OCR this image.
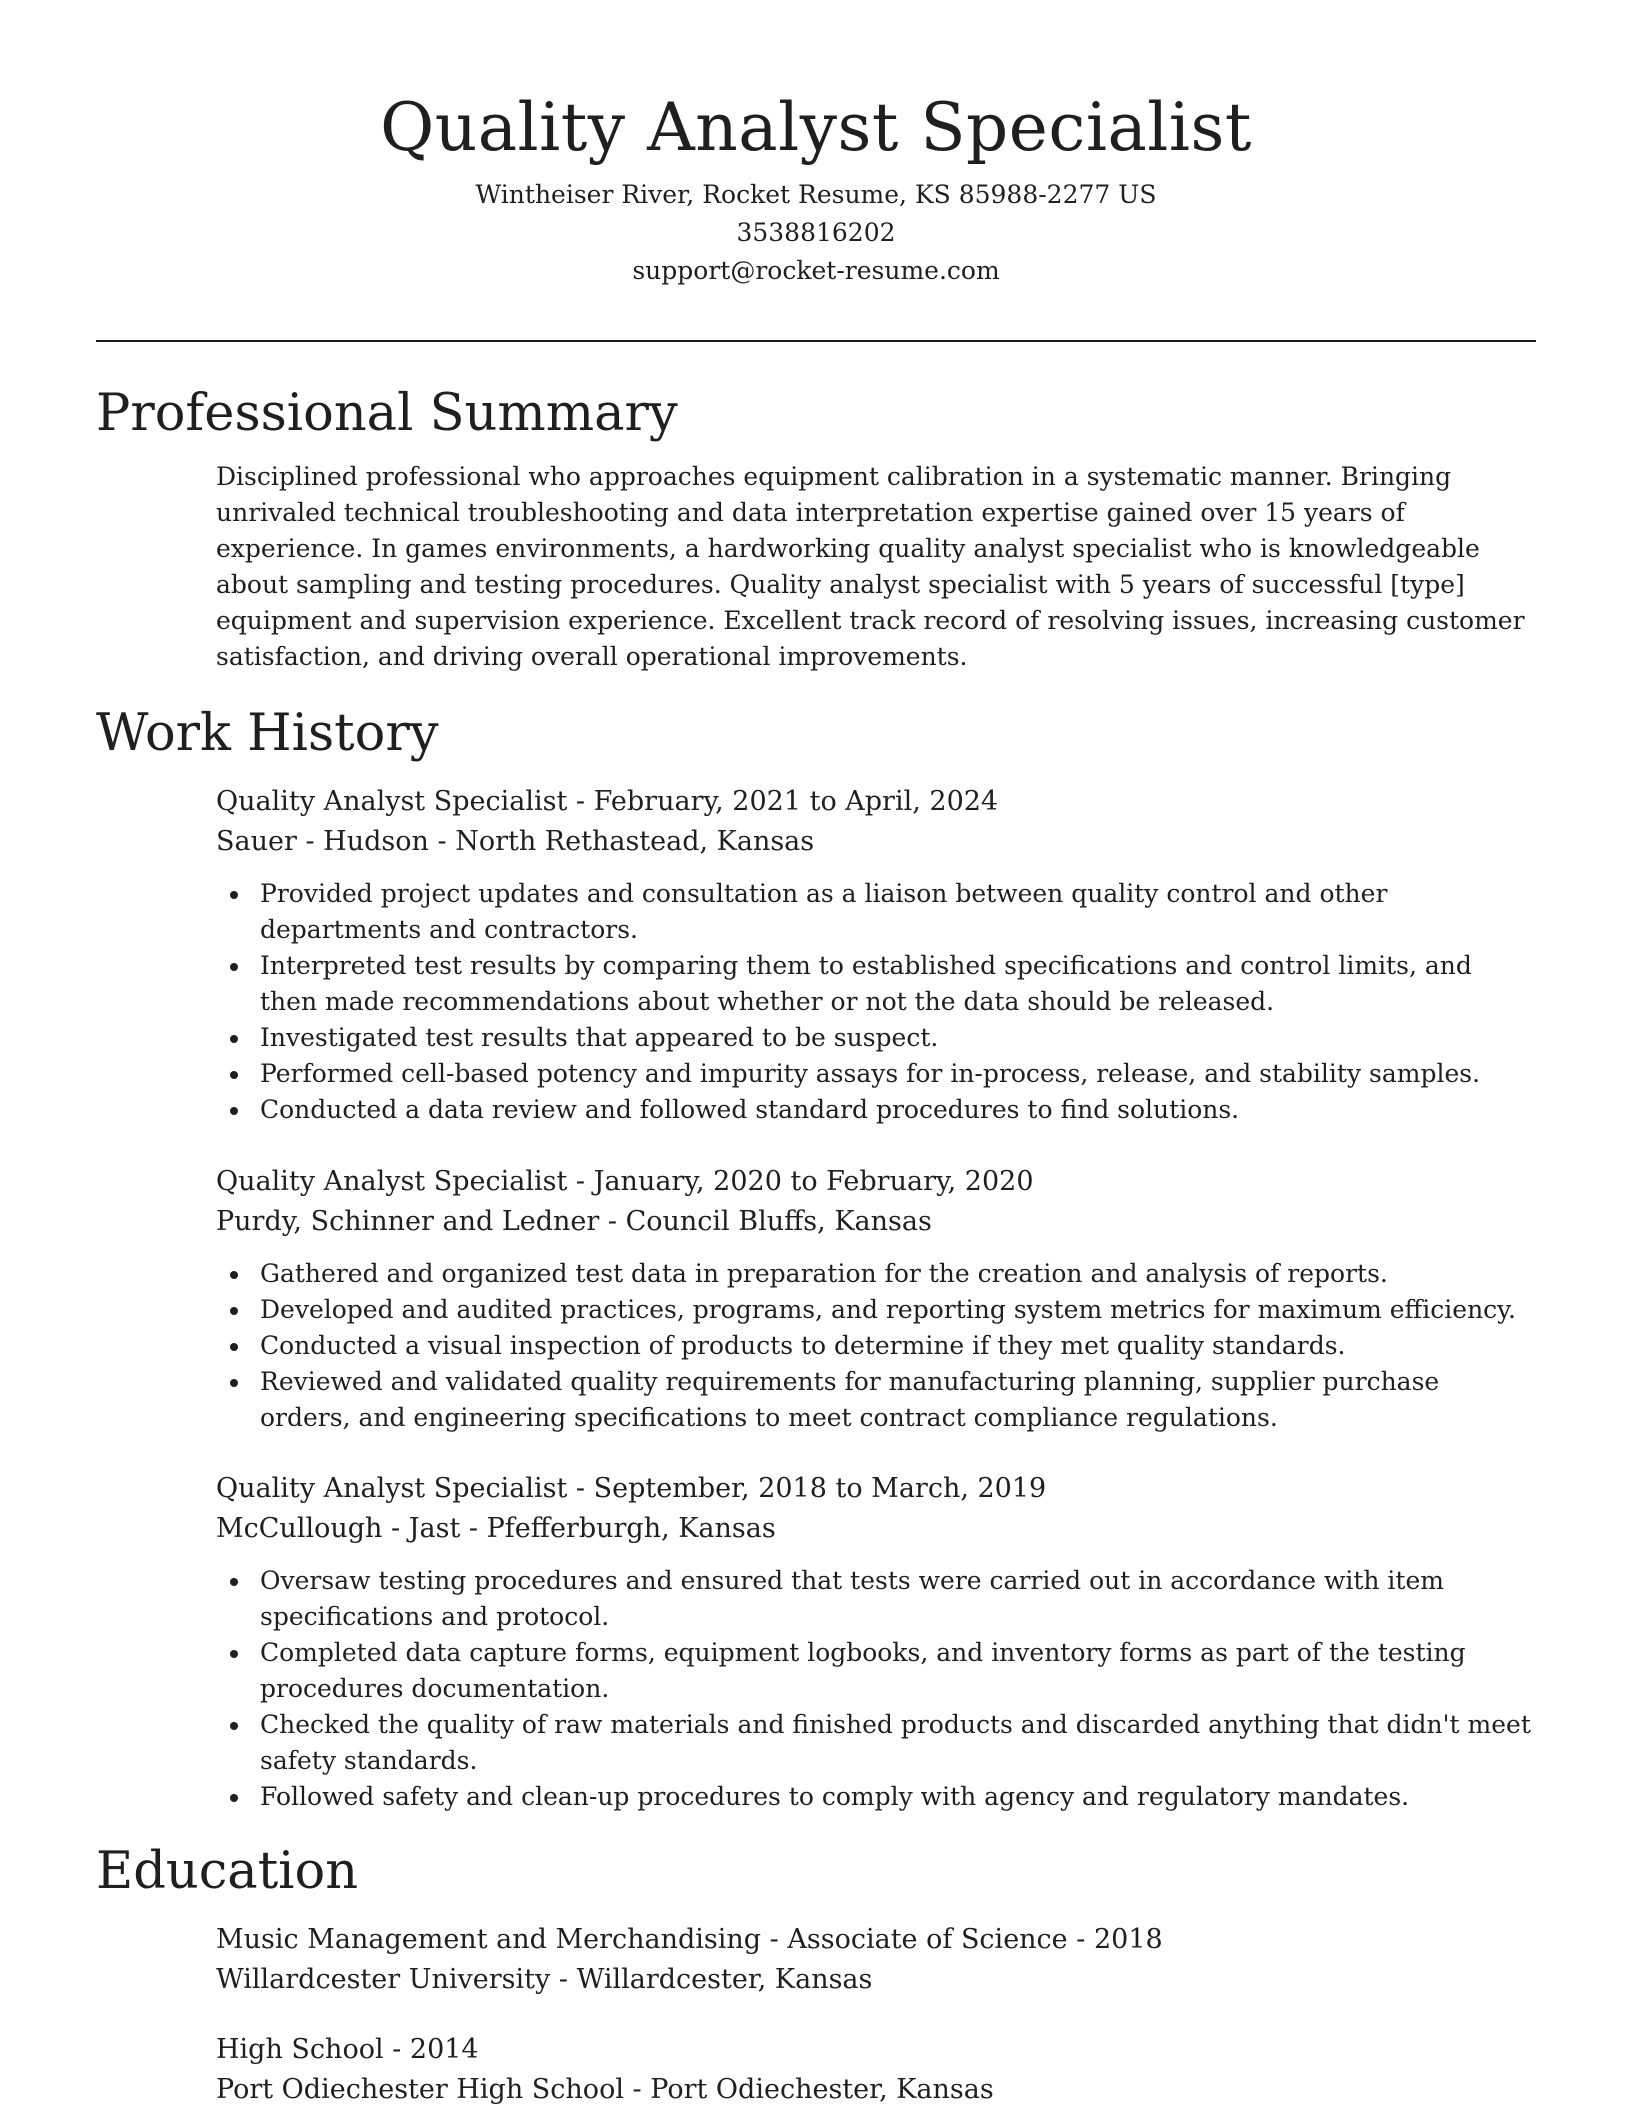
Quality Analyst Specialist
Wintheiser River, Rocket Resume, KS 85988-2277 US
3538816202
support@rocket-resume.com
Professional Summary
Disciplined professional who approaches equipment calibration in a systematic manner. Bringing unrivaled technical troubleshooting and data interpretation expertise gained over 15 years of experience. In games environments, a hardworking quality analyst specialist who is knowledgeable about sampling and testing procedures. Quality analyst specialist with 5 years of successful [type] equipment and supervision experience. Excellent track record of resolving issues, increasing customer satisfaction, and driving overall operational improvements.
Work History
Quality Analyst Specialist - February, 2021 to April, 2024
Sauer - Hudson - North Rethastead, Kansas
Provided project updates and consultation as a liaison between quality control and other departments and contractors.
Interpreted test results by comparing them to established specifications and control limits, and then made recommendations about whether or not the data should be released.
Investigated test results that appeared to be suspect.
Performed cell-based potency and impurity assays for in-process, release, and stability samples.
Conducted a data review and followed standard procedures to find solutions.
Quality Analyst Specialist - January, 2020 to February, 2020
Purdy, Schinner and Ledner - Council Bluffs, Kansas
Gathered and organized test data in preparation for the creation and analysis of reports.
Developed and audited practices, programs, and reporting system metrics for maximum efficiency.
Conducted a visual inspection of products to determine if they met quality standards.
Reviewed and validated quality requirements for manufacturing planning, supplier purchase orders, and engineering specifications to meet contract compliance regulations.
Quality Analyst Specialist - September, 2018 to March, 2019
McCullough - Jast - Pfefferburgh, Kansas
Oversaw testing procedures and ensured that tests were carried out in accordance with item specifications and protocol.
Completed data capture forms, equipment logbooks, and inventory forms as part of the testing procedures documentation.
Checked the quality of raw materials and finished products and discarded anything that didn't meet safety standards.
Followed safety and clean-up procedures to comply with agency and regulatory mandates.
Education
Music Management and Merchandising - Associate of Science - 2018
Willardcester University - Willardcester, Kansas
High School - 2014
Port Odiechester High School - Port Odiechester, Kansas
